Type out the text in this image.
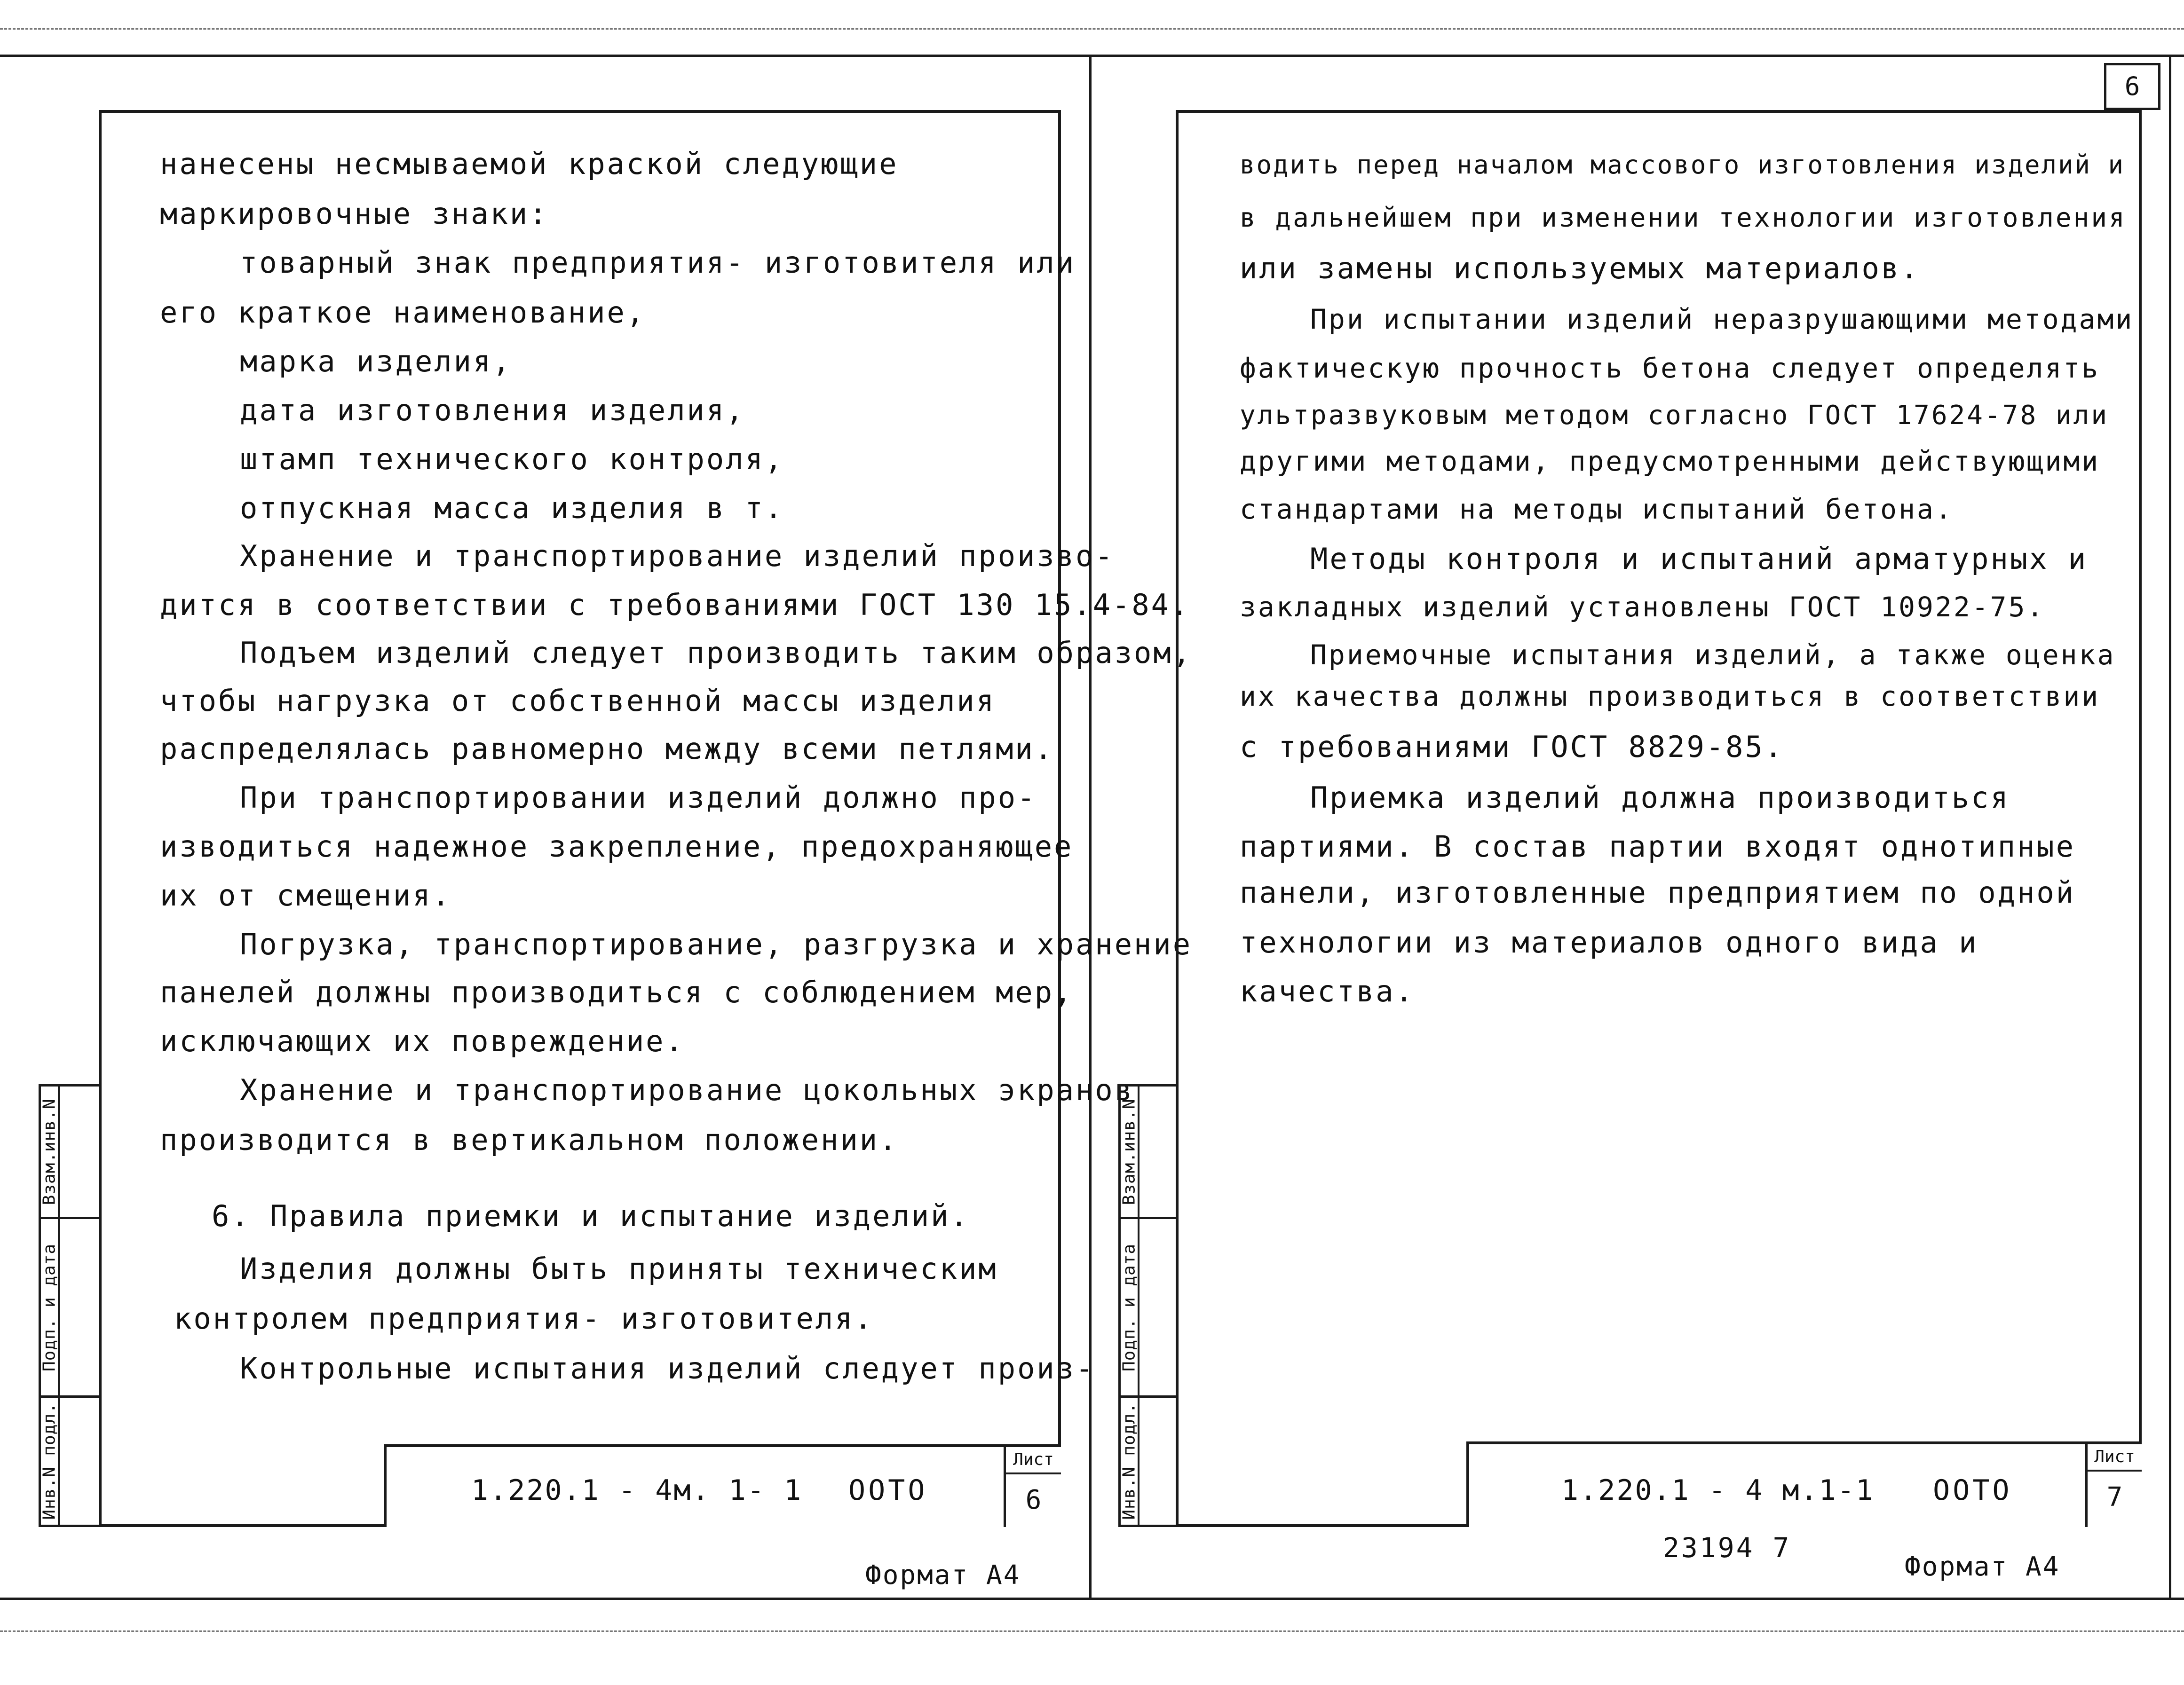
6
нанесены несмываемой краской следующие
маркировочные знаки:
товарный знак предприятия- изготовителя или
его краткое наименование,
марка изделия,
дата изготовления изделия,
штамп технического контроля,
отпускная масса изделия в т.
Хранение и транспортирование изделий произво-
дится в соответствии с требованиями ГОСТ 130 15.4-84.
Подъем изделий следует производить таким образом,
чтобы нагрузка от собственной массы изделия
распределялась равномерно между всеми петлями.
При транспортировании изделий должно про-
изводиться надежное закрепление, предохраняющее
их от смещения.
Погрузка, транспортирование, разгрузка и хранение
панелей должны производиться с соблюдением мер,
исключающих их повреждение.
Хранение и транспортирование цокольных экранов
производится в вертикальном положении.
6. Правила приемки и испытание изделий.
Изделия должны быть приняты техническим
контролем предприятия- изготовителя.
Контрольные испытания изделий следует произ-
Взам.инв.N
Подп. и дата
Инв.N подл.	1.220.1 - 4м. 1- 1 ООТО
Лист
6
Формат А4
водить перед началом массового изготовления изделий и
в дальнейшем при изменении технологии изготовления
или замены используемых материалов.
При испытании изделий неразрушающими методами
фактическую прочность бетона следует определять
ультразвуковым методом согласно ГОСТ 17624-78 или
другими методами, предусмотренными действующими
стандартами на методы испытаний бетона.
Методы контроля и испытаний арматурных и
закладных изделий установлены ГОСТ 10922-75.
Приемочные испытания изделий, а также оценка
их качества должны производиться в соответствии
с требованиями ГОСТ 8829-85.
Приемка изделий должна производиться
партиями. В состав партии входят однотипные
панели, изготовленные предприятием по одной
технологии из материалов одного вида и
качества.
Взам.инв.N
Подп. и дата
Инв.N подл.	1.220.1 - 4 м.1-1 ООТО
Лист
7
23194 7
Формат А4
